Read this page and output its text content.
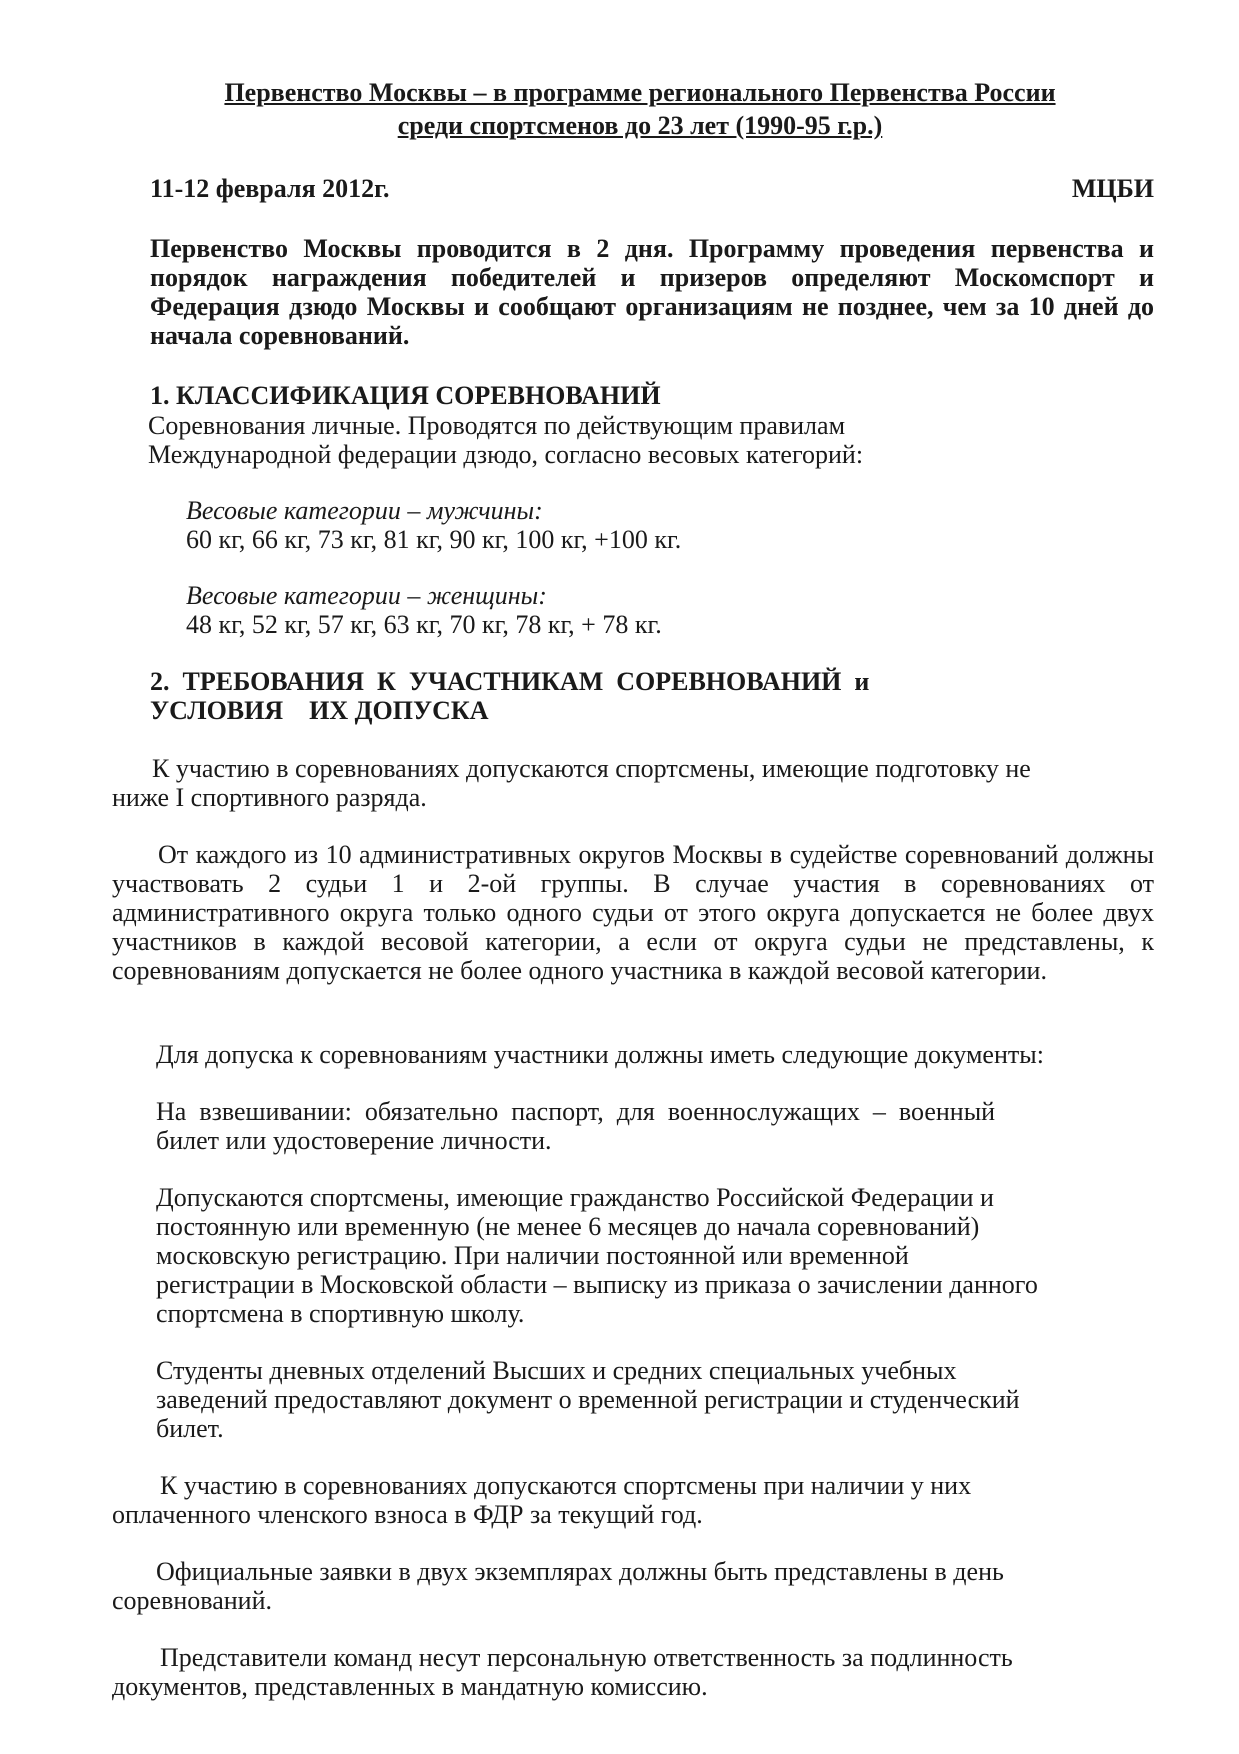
Первенство Москвы – в программе регионального Первенства России
среди спортсменов до 23 лет (1990-95 г.р.)
11-12 февраля 2012г.	МЦБИ
Первенство Москвы проводится в 2 дня. Программу проведения первенства и порядок награждения победителей и призеров определяют Москомспорт и Федерация дзюдо Москвы и сообщают организациям не позднее, чем за 10 дней до начала соревнований.
1. КЛАССИФИКАЦИЯ СОРЕВНОВАНИЙ
Соревнования личные. Проводятся по действующим правилам
Международной федерации дзюдо, согласно весовых категорий:
Весовые категории – мужчины:
60 кг, 66 кг, 73 кг, 81 кг, 90 кг, 100 кг, +100 кг.
Весовые категории – женщины:
48 кг, 52 кг, 57 кг, 63 кг, 70 кг, 78 кг, + 78 кг.
2.  ТРЕБОВАНИЯ  К  УЧАСТНИКАМ  СОРЕВНОВАНИЙ  и
УСЛОВИЯ    ИХ ДОПУСКА
К участию в соревнованиях допускаются спортсмены, имеющие подготовку не
ниже I спортивного разряда.
От каждого из 10 административных округов Москвы в судействе соревнований должны участвовать 2 судьи 1 и 2-ой группы. В случае участия в соревнованиях от административного округа только одного судьи от этого округа допускается не более двух участников в каждой весовой категории, а если от округа судьи не представлены, к соревнованиям допускается не более одного участника в каждой весовой категории.
Для допуска к соревнованиям участники должны иметь следующие документы:
На  взвешивании:  обязательно  паспорт,  для  военнослужащих  –  военный
билет или удостоверение личности.
Допускаются спортсмены, имеющие гражданство Российской Федерации и
постоянную или временную (не менее 6 месяцев до начала соревнований)
московскую регистрацию. При наличии постоянной или временной
регистрации в Московской области – выписку из приказа о зачислении данного
спортсмена в спортивную школу.
Студенты дневных отделений Высших и средних специальных учебных
заведений предоставляют документ о временной регистрации и студенческий
билет.
К участию в соревнованиях допускаются спортсмены при наличии у них
оплаченного членского взноса в ФДР за текущий год.
Официальные заявки в двух экземплярах должны быть представлены в день
соревнований.
Представители команд несут персональную ответственность за подлинность
документов, представленных в мандатную комиссию.
